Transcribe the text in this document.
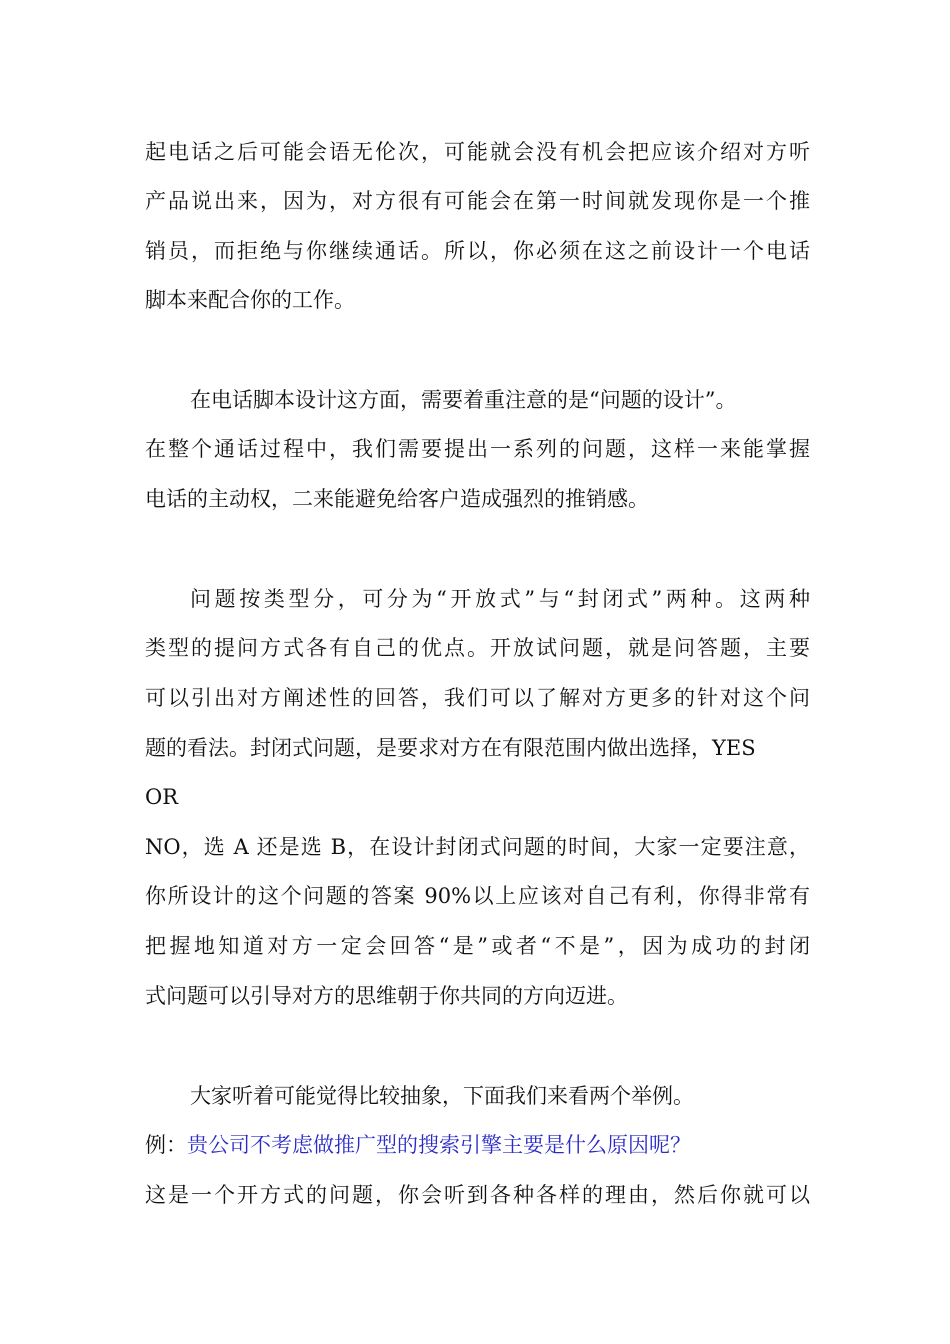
起电话之后可能会语无伦次，可能就会没有机会把应该介绍对方听
产品说出来，因为，对方很有可能会在第一时间就发现你是一个推
销员，而拒绝与你继续通话。所以，你必须在这之前设计一个电话
脚本来配合你的工作。
在电话脚本设计这方面，需要着重注意的是“问题的设计”。
在整个通话过程中，我们需要提出一系列的问题，这样一来能掌握
电话的主动权，二来能避免给客户造成强烈的推销感。
问题按类型分，可分为“开放式”与“封闭式”两种。这两种
类型的提问方式各有自己的优点。开放试问题，就是问答题，主要
可以引出对方阐述性的回答，我们可以了解对方更多的针对这个问
题的看法。封闭式问题，是要求对方在有限范围内做出选择，YES
OR
NO，选 A 还是选 B，在设计封闭式问题的时间，大家一定要注意，
你所设计的这个问题的答案 90%以上应该对自己有利，你得非常有
把握地知道对方一定会回答“是”或者“不是”，因为成功的封闭
式问题可以引导对方的思维朝于你共同的方向迈进。
大家听着可能觉得比较抽象，下面我们来看两个举例。
例：贵公司不考虑做推广型的搜索引擎主要是什么原因呢？
这是一个开方式的问题，你会听到各种各样的理由，然后你就可以
